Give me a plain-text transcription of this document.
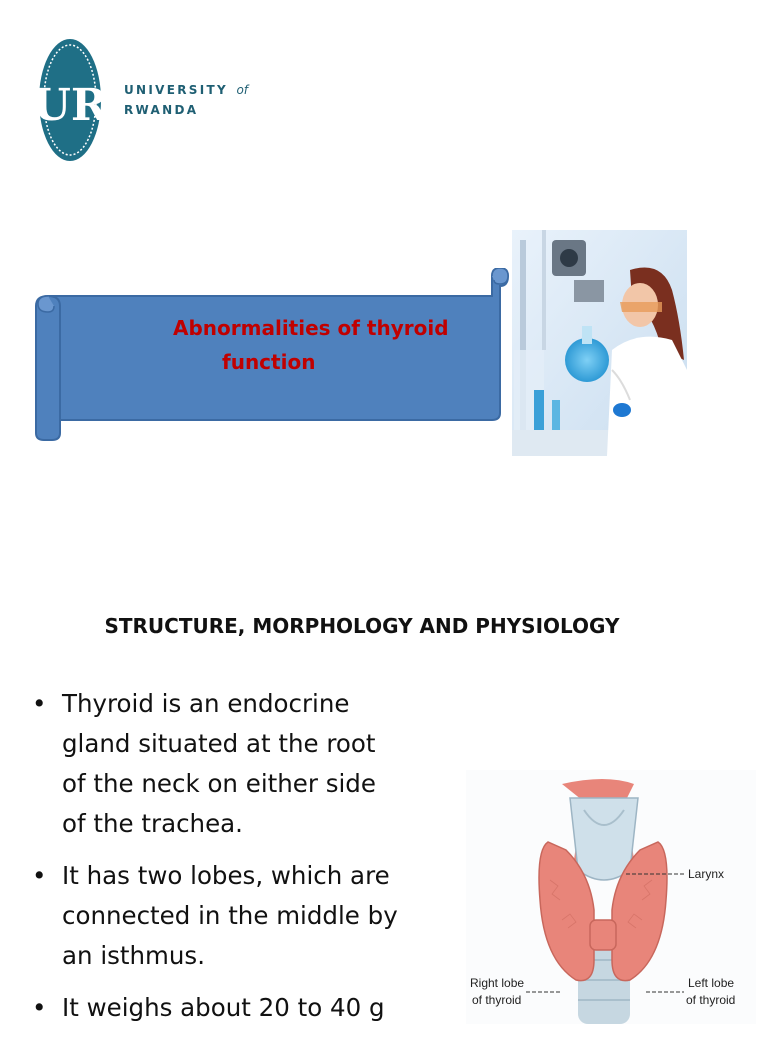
UR UNIVERSITY of
RWANDA
Abnormalities of thyroid
function
STRUCTURE, MORPHOLOGY AND PHYSIOLOGY
• Thyroid is an endocrine
gland situated at the root
of the neck on either side
of the trachea.
• It has two lobes, which are
connected in the middle by
an isthmus.
• It weighs about 20 to 40 g
Larynx
Right lobe
of thyroid
Left lobe
of thyroid
